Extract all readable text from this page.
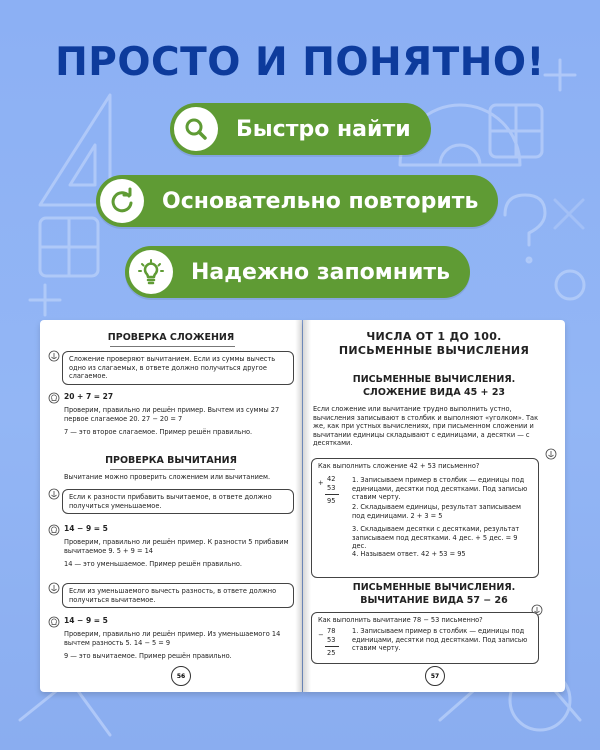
ПРОСТО И ПОНЯТНО!
Быстро найти
Основательно повторить
Надежно запомнить
ПРОВЕРКА СЛОЖЕНИЯ
Сложение проверяют вычитанием. Если из суммы вычесть одно из слагаемых, в ответе должно получиться другое слагаемое.
20 + 7 = 27
Проверим, правильно ли решён пример. Вычтем из суммы 27 первое слагаемое 20. 27 − 20 = 7
7 — это второе слагаемое. Пример решён правильно.
ПРОВЕРКА ВЫЧИТАНИЯ
Вычитание можно проверить сложением или вычитанием.
Если к разности прибавить вычитаемое, в ответе должно получиться уменьшаемое.
14 − 9 = 5
Проверим, правильно ли решён пример. К разности 5 прибавим вычитаемое 9. 5 + 9 = 14
14 — это уменьшаемое. Пример решён правильно.
Если из уменьшаемого вычесть разность, в ответе должно получиться вычитаемое.
14 − 9 = 5
Проверим, правильно ли решён пример. Из уменьшаемого 14 вычтем разность 5. 14 − 5 = 9
9 — это вычитаемое. Пример решён правильно.
56
ЧИСЛА ОТ 1 ДО 100.
ПИСЬМЕННЫЕ ВЫЧИСЛЕНИЯ
ПИСЬМЕННЫЕ ВЫЧИСЛЕНИЯ.
СЛОЖЕНИЕ ВИДА 45 + 23
Если сложение или вычитание трудно выполнить устно, вычисления записывают в столбик и выполняют «уголком». Так же, как при устных вычислениях, при письменном сложении и вычитании единицы складывают с единицами, а десятки — с десятками.
Как выполнить сложение 42 + 53 письменно?
+ 42
53
95
1. Записываем пример в столбик — единицы под единицами, десятки под десятками. Под записью ставим черту.
2. Складываем единицы, результат записываем под единицами. 2 + 3 = 5
3. Складываем десятки с десятками, результат записываем под десятками. 4 дес. + 5 дес. = 9 дес.
4. Называем ответ. 42 + 53 = 95
ПИСЬМЕННЫЕ ВЫЧИСЛЕНИЯ.
ВЫЧИТАНИЕ ВИДА 57 − 26
Как выполнить вычитание 78 − 53 письменно?
− 78
53
25
1. Записываем пример в столбик — единицы под единицами, десятки под десятками. Под записью ставим черту.
57
